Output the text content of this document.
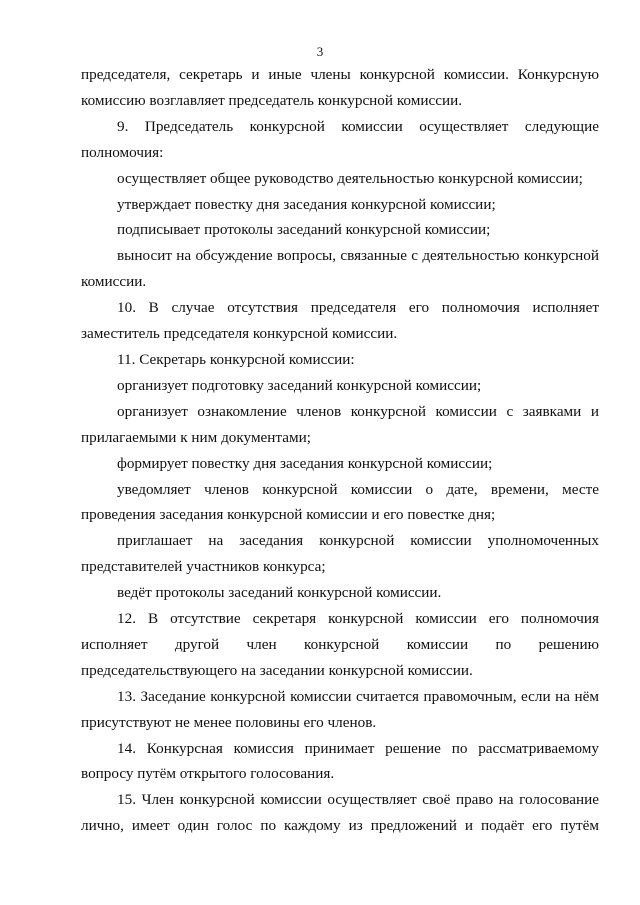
3

председателя, секретарь и иные члены конкурсной комиссии. Конкурсную комиссию возглавляет председатель конкурсной комиссии.

9. Председатель конкурсной комиссии осуществляет следующие полномочия:

осуществляет общее руководство деятельностью конкурсной комиссии;

утверждает повестку дня заседания конкурсной комиссии;

подписывает протоколы заседаний конкурсной комиссии;

выносит на обсуждение вопросы, связанные с деятельностью конкурсной комиссии.

10. В случае отсутствия председателя его полномочия исполняет заместитель председателя конкурсной комиссии.

11. Секретарь конкурсной комиссии:

организует подготовку заседаний конкурсной комиссии;

организует ознакомление членов конкурсной комиссии с заявками и прилагаемыми к ним документами;

формирует повестку дня заседания конкурсной комиссии;

уведомляет членов конкурсной комиссии о дате, времени, месте проведения заседания конкурсной комиссии и его повестке дня;

приглашает на заседания конкурсной комиссии уполномоченных представителей участников конкурса;

ведёт протоколы заседаний конкурсной комиссии.

12. В отсутствие секретаря конкурсной комиссии его полномочия исполняет другой член конкурсной комиссии по решению председательствующего на заседании конкурсной комиссии.

13. Заседание конкурсной комиссии считается правомочным, если на нём присутствуют не менее половины его членов.

14. Конкурсная комиссия принимает решение по рассматриваемому вопросу путём открытого голосования.

15. Член конкурсной комиссии осуществляет своё право на голосование лично, имеет один голос по каждому из предложений и подаёт его путём
